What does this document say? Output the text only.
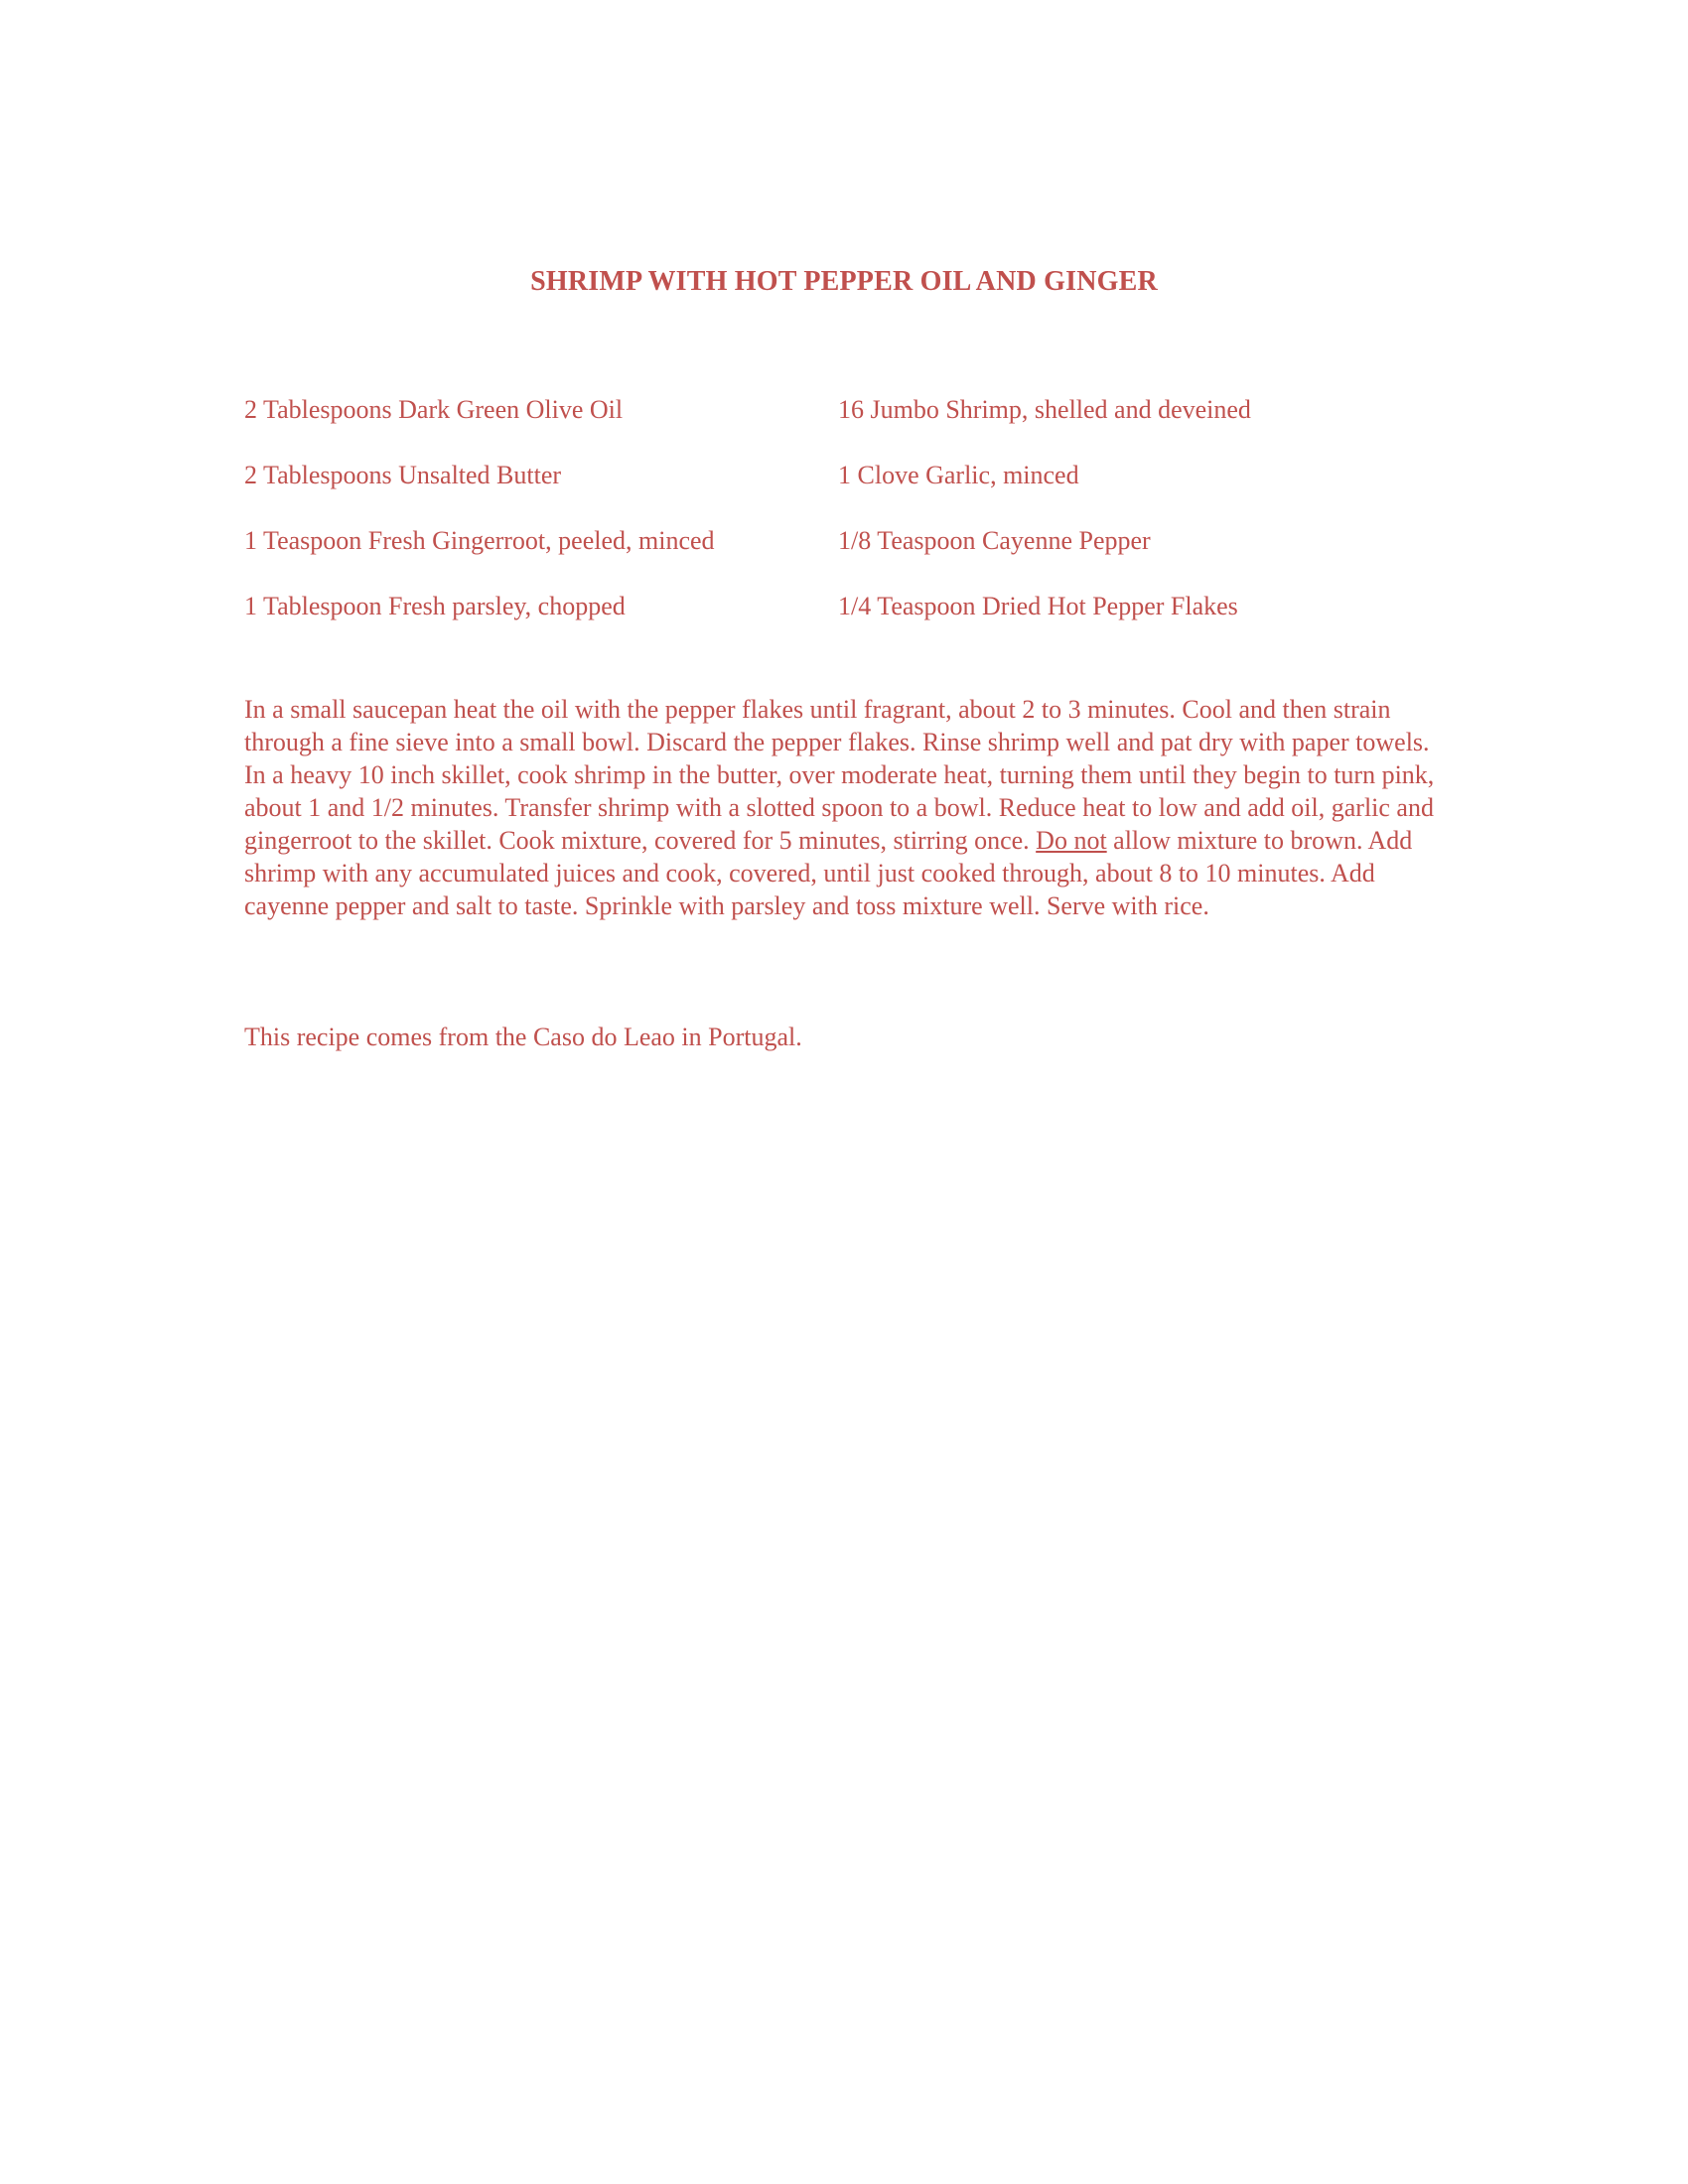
SHRIMP WITH HOT PEPPER OIL AND GINGER
2 Tablespoons Dark Green Olive Oil
2 Tablespoons Unsalted Butter
1 Teaspoon Fresh Gingerroot, peeled, minced
1 Tablespoon Fresh parsley, chopped
16 Jumbo Shrimp, shelled and deveined
1 Clove Garlic, minced
1/8 Teaspoon Cayenne Pepper
1/4 Teaspoon Dried Hot Pepper Flakes

In a small saucepan heat the oil with the pepper flakes until fragrant, about 2 to 3 minutes. Cool and then strain through a fine sieve into a small bowl. Discard the pepper flakes. Rinse shrimp well and pat dry with paper towels. In a heavy 10 inch skillet, cook shrimp in the butter, over moderate heat, turning them until they begin to turn pink, about 1 and 1/2 minutes. Transfer shrimp with a slotted spoon to a bowl. Reduce heat to low and add oil, garlic and gingerroot to the skillet. Cook mixture, covered for 5 minutes, stirring once. Do not allow mixture to brown. Add shrimp with any accumulated juices and cook, covered, until just cooked through, about 8 to 10 minutes. Add cayenne pepper and salt to taste. Sprinkle with parsley and toss mixture well. Serve with rice.

This recipe comes from the Caso do Leao in Portugal.
